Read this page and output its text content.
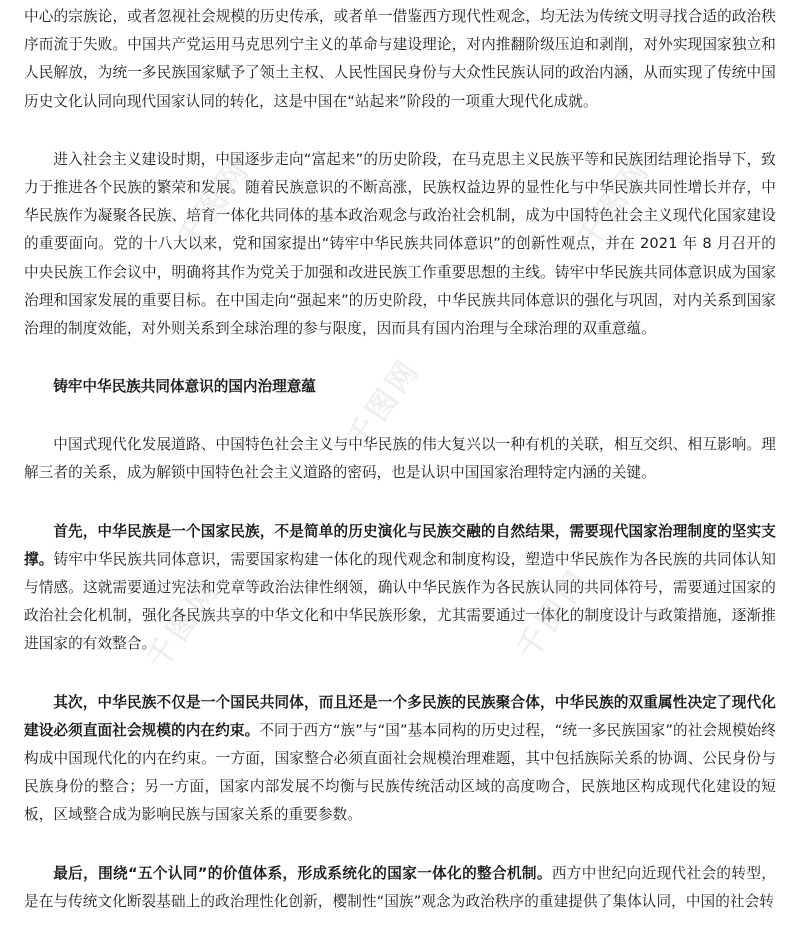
中心的宗族论，或者忽视社会规模的历史传承，或者单一借鉴西方现代性观念，均无法为传统文明寻找合适的政治秩序而流于失败。中国共产党运用马克思列宁主义的革命与建设理论，对内推翻阶级压迫和剥削，对外实现国家独立和人民解放，为统一多民族国家赋予了领土主权、人民性国民身份与大众性民族认同的政治内涵，从而实现了传统中国历史文化认同向现代国家认同的转化，这是中国在“站起来”阶段的一项重大现代化成就。

进入社会主义建设时期，中国逐步走向“富起来”的历史阶段，在马克思主义民族平等和民族团结理论指导下，致力于推进各个民族的繁荣和发展。随着民族意识的不断高涨，民族权益边界的显性化与中华民族共同性增长并存，中华民族作为凝聚各民族、培育一体化共同体的基本政治观念与政治社会机制，成为中国特色社会主义现代化国家建设的重要面向。党的十八大以来，党和国家提出“铸牢中华民族共同体意识”的创新性观点，并在 2021 年 8 月召开的中央民族工作会议中，明确将其作为党关于加强和改进民族工作重要思想的主线。铸牢中华民族共同体意识成为国家治理和国家发展的重要目标。在中国走向“强起来”的历史阶段，中华民族共同体意识的强化与巩固，对内关系到国家治理的制度效能，对外则关系到全球治理的参与限度，因而具有国内治理与全球治理的双重意蕴。

铸牢中华民族共同体意识的国内治理意蕴

中国式现代化发展道路、中国特色社会主义与中华民族的伟大复兴以一种有机的关联，相互交织、相互影响。理解三者的关系，成为解锁中国特色社会主义道路的密码，也是认识中国国家治理特定内涵的关键。

首先，中华民族是一个国家民族，不是简单的历史演化与民族交融的自然结果，需要现代国家治理制度的坚实支撑。铸牢中华民族共同体意识，需要国家构建一体化的现代观念和制度构设，塑造中华民族作为各民族的共同体认知与情感。这就需要通过宪法和党章等政治法律性纲领，确认中华民族作为各民族认同的共同体符号，需要通过国家的政治社会化机制，强化各民族共享的中华文化和中华民族形象，尤其需要通过一体化的制度设计与政策措施，逐渐推进国家的有效整合。

其次，中华民族不仅是一个国民共同体，而且还是一个多民族的民族聚合体，中华民族的双重属性决定了现代化建设必须直面社会规模的内在约束。不同于西方“族”与“国”基本同构的历史过程，“统一多民族国家”的社会规模始终构成中国现代化的内在约束。一方面，国家整合必须直面社会规模治理难题，其中包括族际关系的协调、公民身份与民族身份的整合；另一方面，国家内部发展不均衡与民族传统活动区域的高度吻合，民族地区构成现代化建设的短板，区域整合成为影响民族与国家关系的重要参数。

最后，围绕“五个认同”的价值体系，形成系统化的国家一体化的整合机制。西方中世纪向近现代社会的转型，是在与传统文化断裂基础上的政治理性化创新，樱制性“国族”观念为政治秩序的重建提供了集体认同，中国的社会转

千图网	千图网
千图网
千图网	千图网
